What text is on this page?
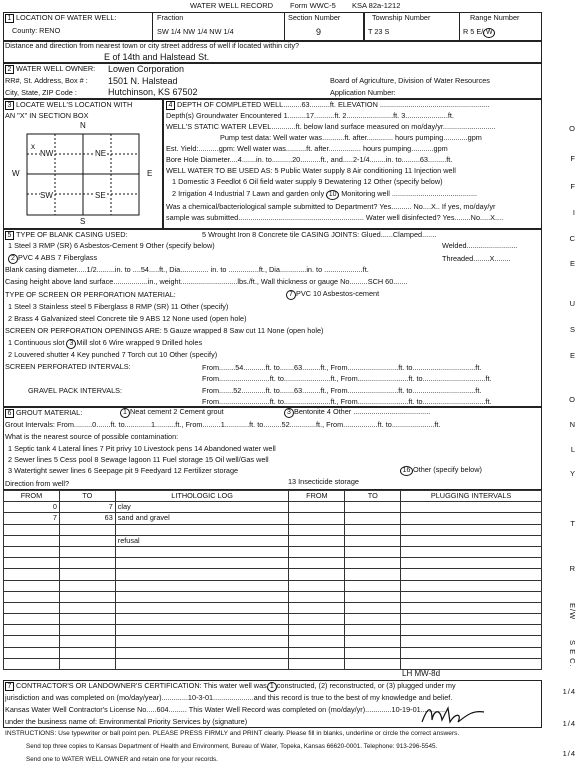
WATER WELL RECORD Form WWC-5 KSA 82a-1212
1 LOCATION OF WATER WELL:
County: RENO
Fraction
SW 1/4 NW 1/4 NW 1/4
Section Number
9
Township Number
T 23 S
Range Number
R 5 E/ W
Distance and direction from nearest town or city street address of well if located within city?
E of 14th and Halstead St.
2 WATER WELL OWNER: Lowen Corporation
RR#, St. Address, Box # : 1501 N. Halstead
City, State, ZIP Code :	Hutchinson, KS 67502
Board of Agriculture, Division of Water Resources
Application Number:
3 LOCATE WELL'S LOCATION WITH
AN "X" IN SECTION BOX
N
S
W	E
NW	NE
SW	SE
x
4 DEPTH OF COMPLETED WELL.........63..........ft. ELEVATION ......................................................
Depth(s) Groundwater Encountered 1.........17..........ft. 2.......................ft. 3.....................ft.
WELL'S STATIC WATER LEVEL............ft. below land surface measured on mo/day/yr..........................
Pump test data: Well water was...........ft. after............. hours pumping............gpm
Est. Yield:..........gpm: Well water was..........ft. after................ hours pumping...........gpm
Bore Hole Diameter....4.......in. to..........20..........ft., and.....2-1/4........in. to.........63.........ft.
WELL WATER TO BE USED AS: 5 Public Water supply 8 Air conditioning 11 Injection well
1 Domestic 3 Feedlot 6 Oil field water supply 9 Dewatering 12 Other (specify below)
2 Irrigation 4 Industrial 7 Lawn and garden only 10 Monitoring well ..........................................
Was a chemical/bacteriological sample submitted to Department? Yes.......... No....X.. If yes, mo/day/yr
sample was submitted.............................................................. Water well disinfected? Yes........No.....X....
5 TYPE OF BLANK CASING USED:	5 Wrought Iron 8 Concrete tile CASING JOINTS: Glued......Clamped.......
1 Steel 3 RMP (SR) 6 Asbestos-Cement 9 Other (specify below)	Welded.........................
2 PVC 4 ABS 7 Fiberglass	Threaded........X........
Blank casing diameter.....1/2.........in. to ....54.....ft., Dia.............. in. to ...............ft., Dia.............in. to ...................ft.
Casing height above land surface.................in., weight............................lbs./ft., Wall thickness or gauge No.........SCH 60.......
TYPE OF SCREEN OR PERFORATION MATERIAL:	7 PVC 10 Asbestos-cement
1 Steel 3 Stainless steel 5 Fiberglass 8 RMP (SR) 11 Other (specify)
2 Brass 4 Galvanized steel Concrete tile 9 ABS 12 None used (open hole)
SCREEN OR PERFORATION OPENINGS ARE: 5 Gauze wrapped 8 Saw cut 11 None (open hole)
1 Continuous slot 3 Mill slot 6 Wire wrapped 9 Drilled holes
2 Louvered shutter 4 Key punched 7 Torch cut 10 Other (specify)
SCREEN PERFORATED INTERVALS:	From........54...........ft. to.......63.........ft., From.........................ft. to...............................ft.
From.........................ft. to.......................ft., From.........................ft. to...............................ft.
GRAVEL PACK INTERVALS:	From.......52............ft. to.......63.........ft., From.........................ft. to...............................ft.
From.........................ft. to.......................ft., From.........................ft. to...............................ft.
6 GROUT MATERIAL:	1 Neat cement 2 Cement grout	3 Bentonite 4 Other ......................................
Grout Intervals: From.........0.......ft. to.............1..........ft., From.........1............ft. to.........52.............ft., From.................ft. to.....................ft.
What is the nearest source of possible contamination:
1 Septic tank 4 Lateral lines 7 Pit privy 10 Livestock pens 14 Abandoned water well
2 Sewer lines 5 Cess pool 8 Sewage lagoon 11 Fuel storage 15 Oil well/Gas well
3 Watertight sewer lines 6 Seepage pit 9 Feedyard 12 Fertilizer storage	16 Other (specify below)
13 Insecticide storage
Direction from well?
FROM	TO	LITHOLOGIC LOG	FROM	TO	PLUGGING INTERVALS
0	7	clay			
7	63	sand and gravel			

		refusal			

LH MW-8d
7 CONTRACTOR'S OR LANDOWNER'S CERTIFICATION: This water well was 1 constructed, (2) reconstructed, or (3) plugged under my
jurisdiction and was completed on (mo/day/year).............10-3-01....................and this record is true to the best of my knowledge and belief.
Kansas Water Well Contractor's License No.....604......... This Water Well Record was completed on (mo/day/yr).............10-19-01.............
under the business name of: Environmental Priority Services by (signature)
INSTRUCTIONS: Use typewriter or ball point pen. PLEASE PRESS FIRMLY and PRINT clearly. Please fill in blanks, underline or circle the correct answers.
Send top three copies to Kansas Department of Health and Environment, Bureau of Water, Topeka, Kansas 66620-0001. Telephone: 913-296-5545.
Send one to WATER WELL OWNER and retain one for your records.
O
F
F
I
C
E
U
S
E
O
N
L
Y
T
R
E/W
S E C.
1/4
1/4
1/4
